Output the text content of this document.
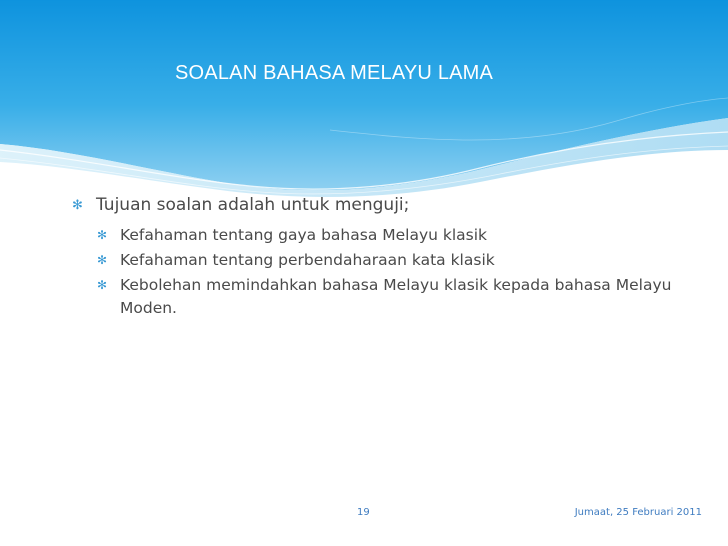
SOALAN BAHASA MELAYU LAMA
✻ Tujuan soalan adalah untuk menguji;
✻ Kefahaman tentang gaya bahasa Melayu klasik
✻ Kefahaman tentang perbendaharaan kata klasik
✻ Kebolehan memindahkan bahasa Melayu klasik kepada bahasa Melayu Moden.
19	Jumaat, 25 Februari 2011
